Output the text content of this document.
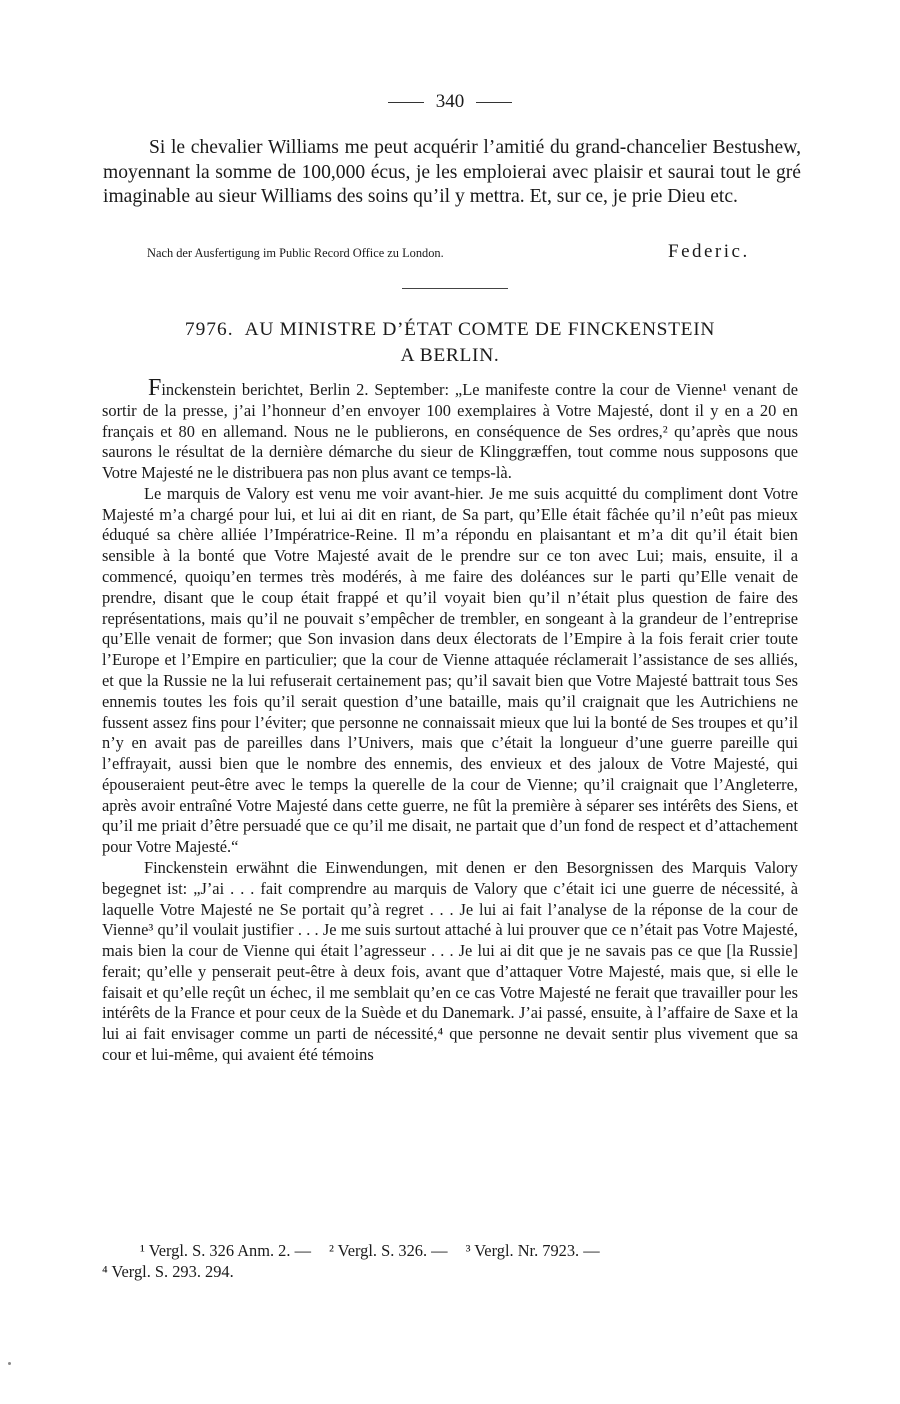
340
Si le chevalier Williams me peut acquérir l’amitié du grand-chancelier Bestushew, moyennant la somme de 100,000 écus, je les emploierai avec plaisir et saurai tout le gré imaginable au sieur Williams des soins qu’il y mettra. Et, sur ce, je prie Dieu etc.
Nach der Ausfertigung im Public Record Office zu London.	Federic.
7976. AU MINISTRE D’ÉTAT COMTE DE FINCKENSTEIN
A BERLIN.

Finckenstein berichtet, Berlin 2. September: „Le manifeste contre la cour de Vienne¹ venant de sortir de la presse, j’ai l’honneur d’en envoyer 100 exemplaires à Votre Majesté, dont il y en a 20 en français et 80 en allemand. Nous ne le publierons, en conséquence de Ses ordres,² qu’après que nous saurons le résultat de la dernière démarche du sieur de Klinggræffen, tout comme nous supposons que Votre Majesté ne le distribuera pas non plus avant ce temps-là.

Le marquis de Valory est venu me voir avant-hier. Je me suis acquitté du compliment dont Votre Majesté m’a chargé pour lui, et lui ai dit en riant, de Sa part, qu’Elle était fâchée qu’il n’eût pas mieux éduqué sa chère alliée l’Impératrice-Reine. Il m’a répondu en plaisantant et m’a dit qu’il était bien sensible à la bonté que Votre Majesté avait de le prendre sur ce ton avec Lui; mais, ensuite, il a commencé, quoiqu’en termes très modérés, à me faire des doléances sur le parti qu’Elle venait de prendre, disant que le coup était frappé et qu’il voyait bien qu’il n’était plus question de faire des représentations, mais qu’il ne pouvait s’empêcher de trembler, en songeant à la grandeur de l’entreprise qu’Elle venait de former; que Son invasion dans deux électorats de l’Empire à la fois ferait crier toute l’Europe et l’Empire en particulier; que la cour de Vienne attaquée réclamerait l’assistance de ses alliés, et que la Russie ne la lui refuserait certainement pas; qu’il savait bien que Votre Majesté battrait tous Ses ennemis toutes les fois qu’il serait question d’une bataille, mais qu’il craignait que les Autrichiens ne fussent assez fins pour l’éviter; que personne ne connaissait mieux que lui la bonté de Ses troupes et qu’il n’y en avait pas de pareilles dans l’Univers, mais que c’était la longueur d’une guerre pareille qui l’effrayait, aussi bien que le nombre des ennemis, des envieux et des jaloux de Votre Majesté, qui épouseraient peut-être avec le temps la querelle de la cour de Vienne; qu’il craignait que l’Angleterre, après avoir entraîné Votre Majesté dans cette guerre, ne fût la première à séparer ses intérêts des Siens, et qu’il me priait d’être persuadé que ce qu’il me disait, ne partait que d’un fond de respect et d’attachement pour Votre Majesté.“

Finckenstein erwähnt die Einwendungen, mit denen er den Besorgnissen des Marquis Valory begegnet ist: „J’ai . . . fait comprendre au marquis de Valory que c’était ici une guerre de nécessité, à laquelle Votre Majesté ne Se portait qu’à regret . . . Je lui ai fait l’analyse de la réponse de la cour de Vienne³ qu’il voulait justifier . . . Je me suis surtout attaché à lui prouver que ce n’était pas Votre Majesté, mais bien la cour de Vienne qui était l’agresseur . . . Je lui ai dit que je ne savais pas ce que [la Russie] ferait; qu’elle y penserait peut-être à deux fois, avant que d’attaquer Votre Majesté, mais que, si elle le faisait et qu’elle reçût un échec, il me semblait qu’en ce cas Votre Majesté ne ferait que travailler pour les intérêts de la France et pour ceux de la Suède et du Danemark. J’ai passé, ensuite, à l’affaire de Saxe et la lui ai fait envisager comme un parti de nécessité,⁴ que personne ne devait sentir plus vivement que sa cour et lui-même, qui avaient été témoins

¹ Vergl. S. 326 Anm. 2. — ² Vergl. S. 326. — ³ Vergl. Nr. 7923. —
⁴ Vergl. S. 293. 294.
